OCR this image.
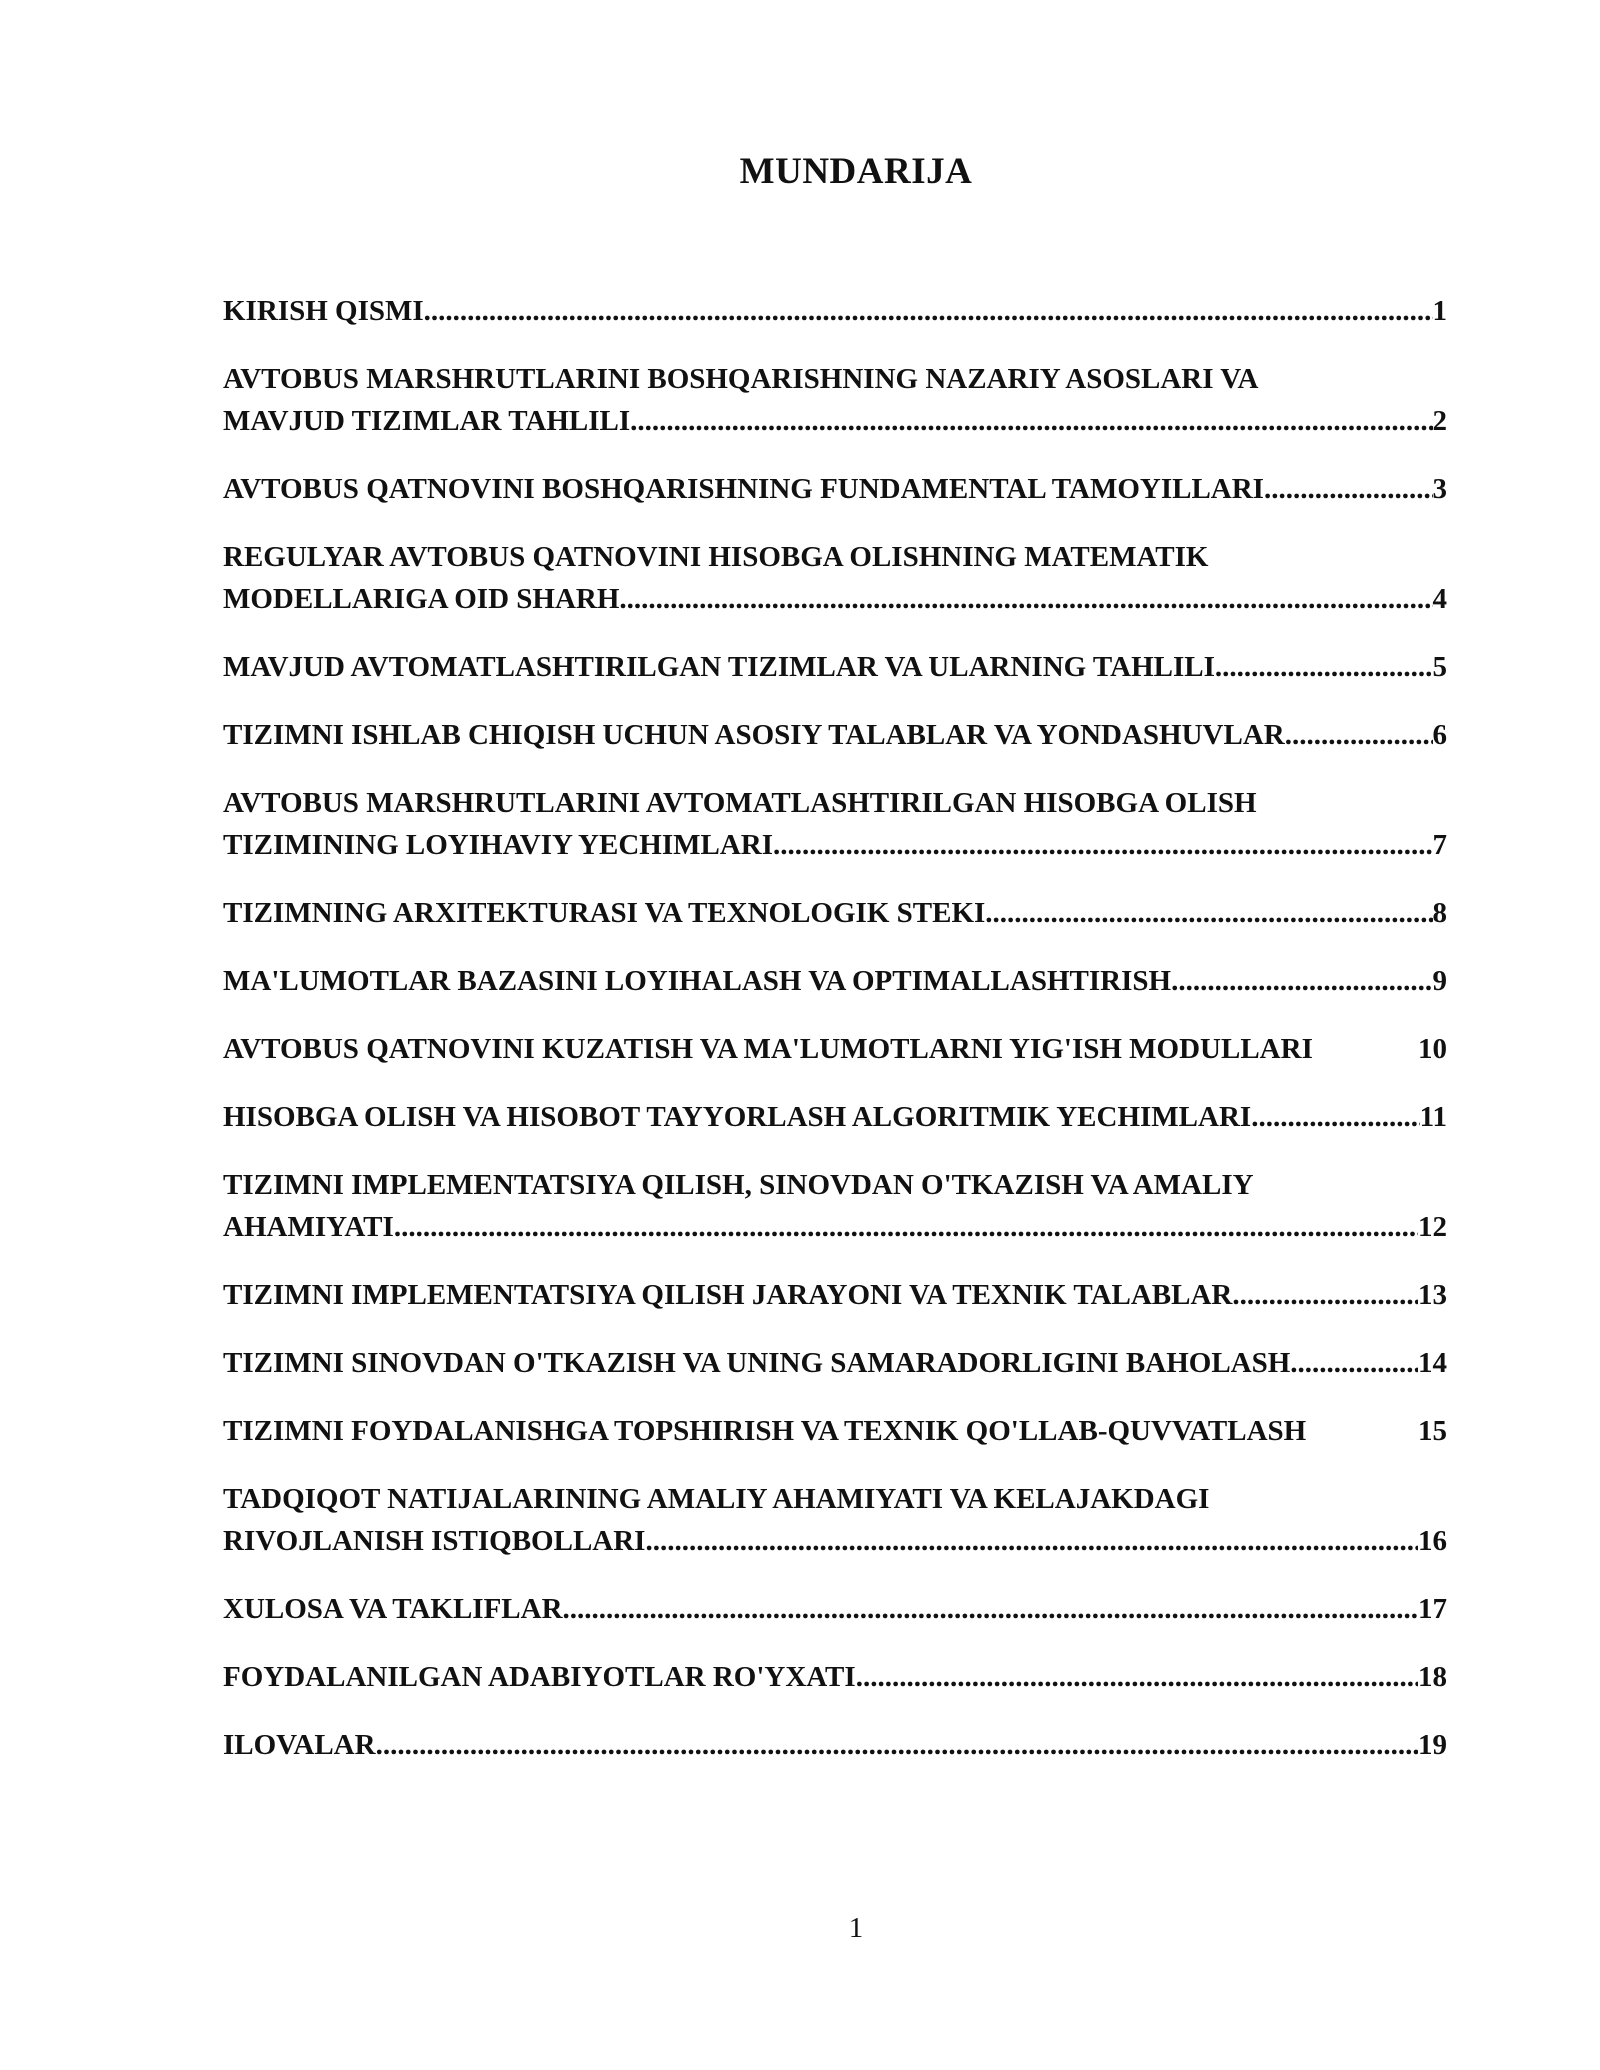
MUNDARIJA
KIRISH QISMI .....	1
AVTOBUS MARSHRUTLARINI BOSHQARISHNING NAZARIY ASOSLARI VA
MAVJUD TIZIMLAR TAHLILI .....	2
AVTOBUS QATNOVINI BOSHQARISHNING FUNDAMENTAL TAMOYILLARI .....	3
REGULYAR AVTOBUS QATNOVINI HISOBGA OLISHNING MATEMATIK
MODELLARIGA OID SHARH .....	4
MAVJUD AVTOMATLASHTIRILGAN TIZIMLAR VA ULARNING TAHLILI .....	5
TIZIMNI ISHLAB CHIQISH UCHUN ASOSIY TALABLAR VA YONDASHUVLAR .....	6
AVTOBUS MARSHRUTLARINI AVTOMATLASHTIRILGAN HISOBGA OLISH
TIZIMINING LOYIHAVIY YECHIMLARI .....	7
TIZIMNING ARXITEKTURASI VA TEXNOLOGIK STEKI .....	8
MA'LUMOTLAR BAZASINI LOYIHALASH VA OPTIMALLASHTIRISH .....	9
AVTOBUS QATNOVINI KUZATISH VA MA'LUMOTLARNI YIG'ISH MODULLARI	10
HISOBGA OLISH VA HISOBOT TAYYORLASH ALGORITMIK YECHIMLARI .....	11
TIZIMNI IMPLEMENTATSIYA QILISH, SINOVDAN O'TKAZISH VA AMALIY
AHAMIYATI .....	12
TIZIMNI IMPLEMENTATSIYA QILISH JARAYONI VA TEXNIK TALABLAR .....	13
TIZIMNI SINOVDAN O'TKAZISH VA UNING SAMARADORLIGINI BAHOLASH .....	14
TIZIMNI FOYDALANISHGA TOPSHIRISH VA TEXNIK QO'LLAB-QUVVATLASH	15
TADQIQOT NATIJALARINING AMALIY AHAMIYATI VA KELAJAKDAGI
RIVOJLANISH ISTIQBOLLARI .....	16
XULOSA VA TAKLIFLAR .....	17
FOYDALANILGAN ADABIYOTLAR RO'YXATI .....	18
ILOVALAR .....	19
1
